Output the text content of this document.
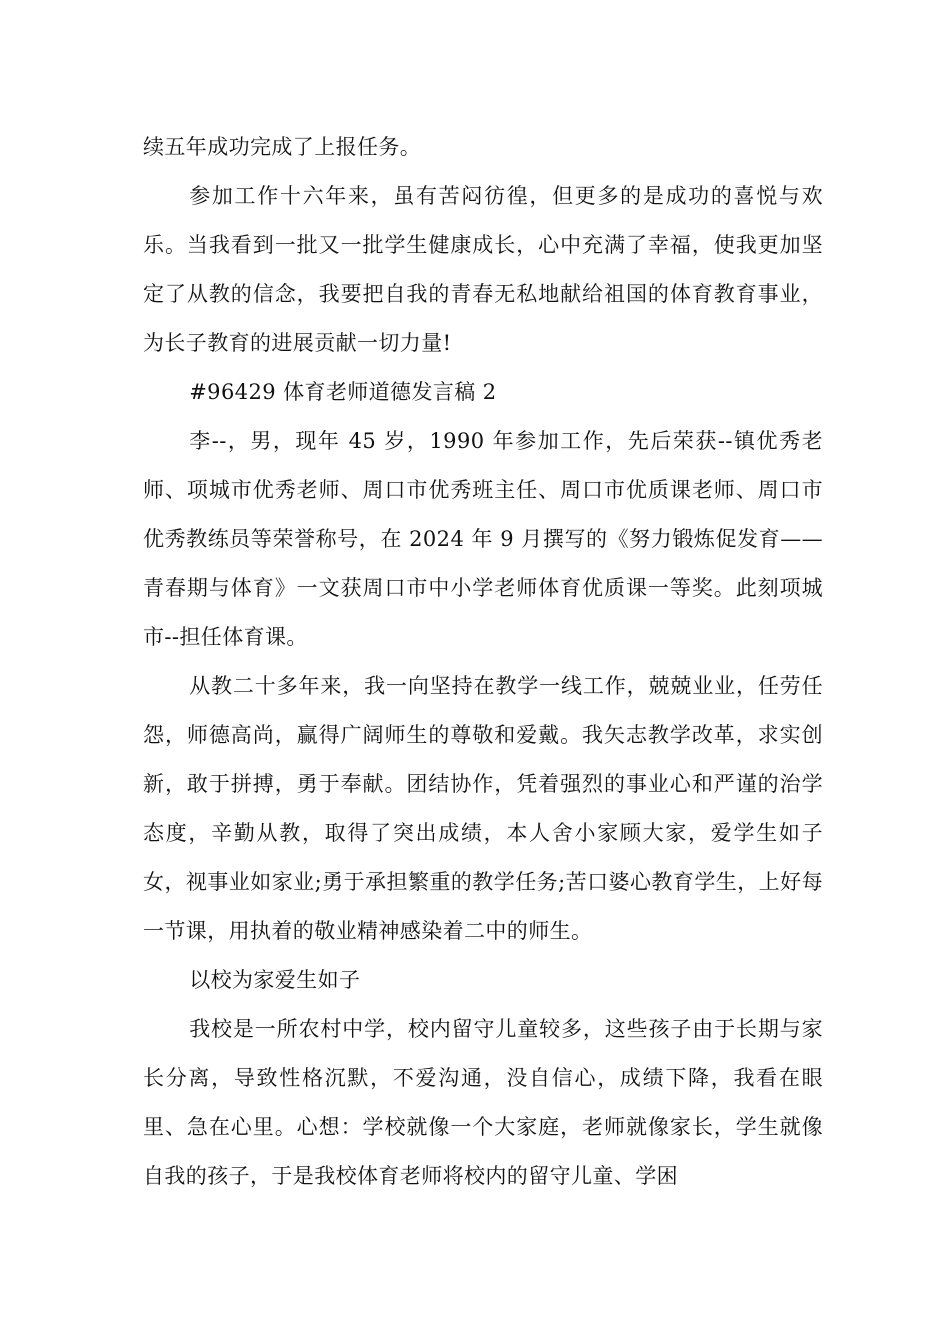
续五年成功完成了上报任务。

参加工作十六年来，虽有苦闷彷徨，但更多的是成功的喜悦与欢乐。当我看到一批又一批学生健康成长，心中充满了幸福，使我更加坚定了从教的信念，我要把自我的青春无私地献给祖国的体育教育事业，为长子教育的进展贡献一切力量!

#96429 体育老师道德发言稿 2

李--，男，现年 45 岁，1990 年参加工作，先后荣获--镇优秀老师、项城市优秀老师、周口市优秀班主任、周口市优质课老师、周口市优秀教练员等荣誉称号，在 2024 年 9 月撰写的《努力锻炼促发育——青春期与体育》一文获周口市中小学老师体育优质课一等奖。此刻项城市--担任体育课。

从教二十多年来，我一向坚持在教学一线工作，兢兢业业，任劳任怨，师德高尚，赢得广阔师生的尊敬和爱戴。我矢志教学改革，求实创新，敢于拼搏，勇于奉献。团结协作，凭着强烈的事业心和严谨的治学态度，辛勤从教，取得了突出成绩，本人舍小家顾大家，爱学生如子女，视事业如家业;勇于承担繁重的教学任务;苦口婆心教育学生，上好每一节课，用执着的敬业精神感染着二中的师生。

以校为家爱生如子

我校是一所农村中学，校内留守儿童较多，这些孩子由于长期与家长分离，导致性格沉默，不爱沟通，没自信心，成绩下降，我看在眼里、急在心里。心想：学校就像一个大家庭，老师就像家长，学生就像自我的孩子，于是我校体育老师将校内的留守儿童、学困
